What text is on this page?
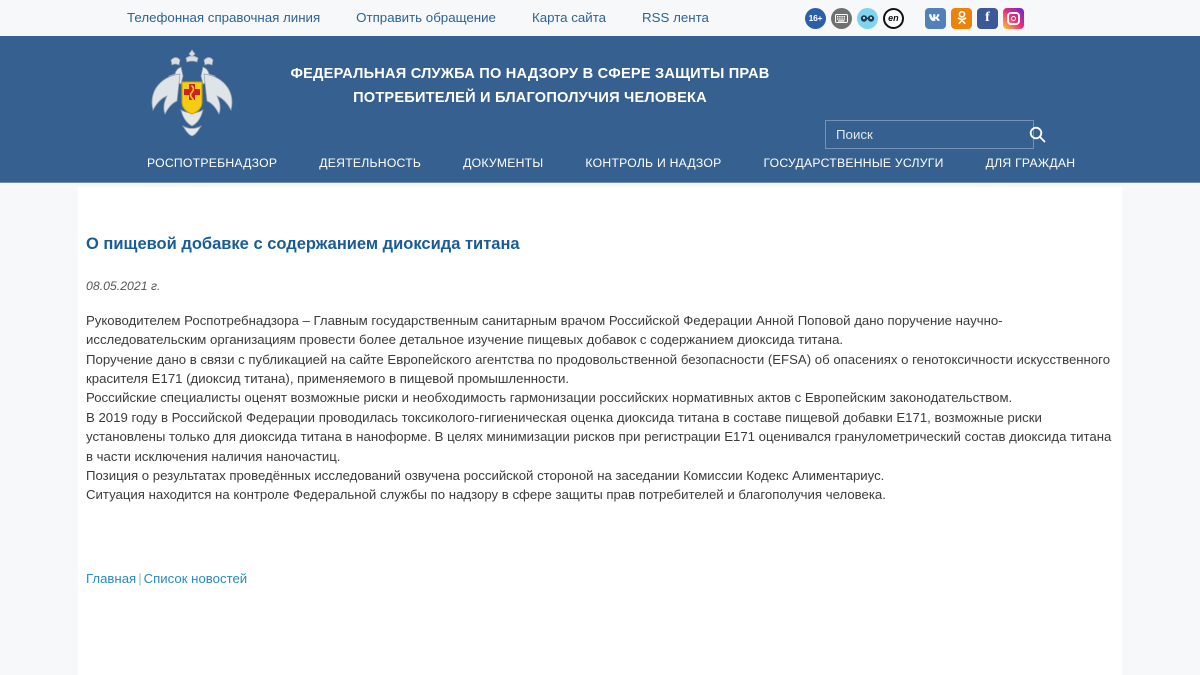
Телефонная справочная линия	Отправить обращение	Карта сайта	RSS лента	16+	en	f
ФЕДЕРАЛЬНАЯ СЛУЖБА ПО НАДЗОРУ В СФЕРЕ ЗАЩИТЫ ПРАВ
ПОТРЕБИТЕЛЕЙ И БЛАГОПОЛУЧИЯ ЧЕЛОВЕКА
Поиск
РОСПОТРЕБНАДЗОР	ДЕЯТЕЛЬНОСТЬ	ДОКУМЕНТЫ	КОНТРОЛЬ И НАДЗОР	ГОСУДАРСТВЕННЫЕ УСЛУГИ	ДЛЯ ГРАЖДАН
О пищевой добавке с содержанием диоксида титана
08.05.2021 г.

Руководителем Роспотребнадзора – Главным государственным санитарным врачом Российской Федерации Анной Поповой дано поручение научно-исследовательским организациям провести более детальное изучение пищевых добавок с содержанием диоксида титана.

Поручение дано в связи с публикацией на сайте Европейского агентства по продовольственной безопасности (EFSA) об опасениях о генотоксичности искусственного красителя Е171 (диоксид титана), применяемого в пищевой промышленности.

Российские специалисты оценят возможные риски и необходимость гармонизации российских нормативных актов с Европейским законодательством.

В 2019 году в Российской Федерации проводилась токсиколого-гигиеническая оценка диоксида титана в составе пищевой добавки Е171, возможные риски установлены только для диоксида титана в наноформе. В целях минимизации рисков при регистрации Е171 оценивался гранулометрический состав диоксида титана в части исключения наличия наночастиц.

Позиция о результатах проведённых исследований озвучена российской стороной на заседании Комиссии Кодекс Алиментариус.

Ситуация находится на контроле Федеральной службы по надзору в сфере защиты прав потребителей и благополучия человека.

Главная | Список новостей
